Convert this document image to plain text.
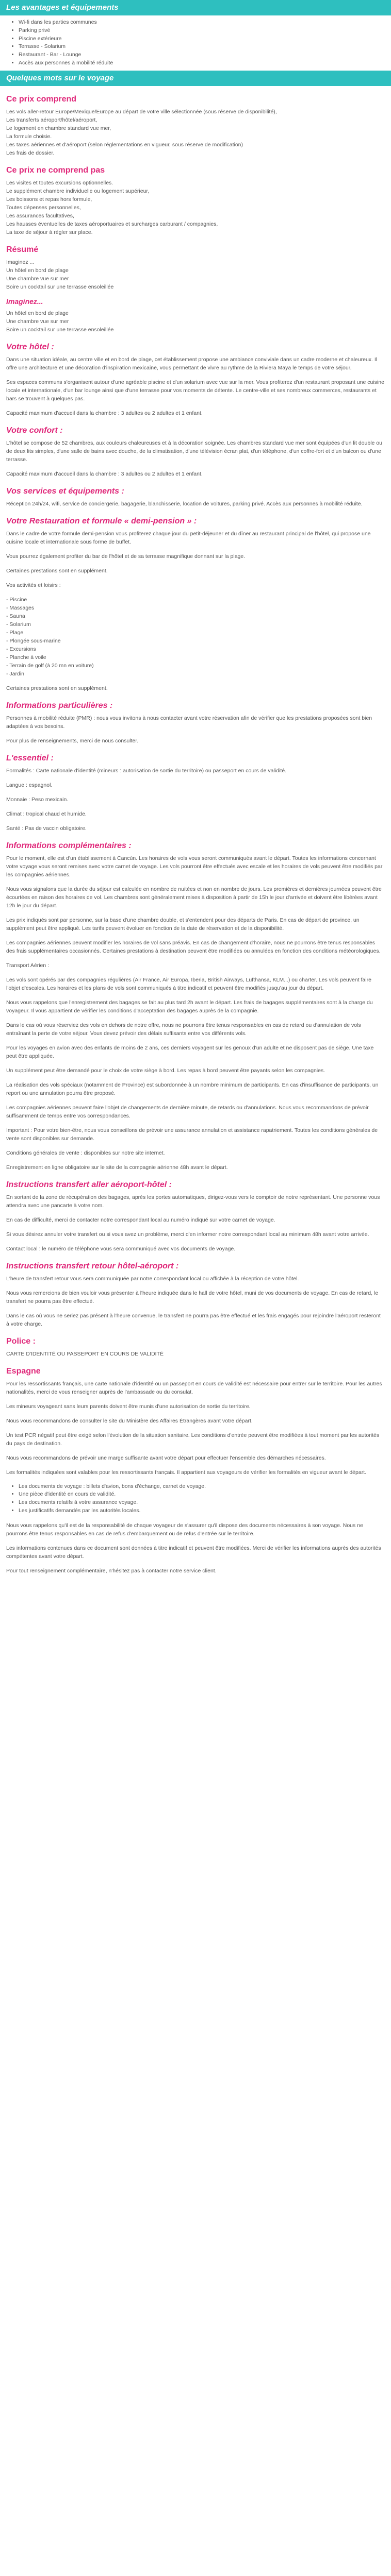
Les avantages et équipements
• Wi-fi dans les parties communes
• Parking privé
• Piscine extérieure
• Terrasse - Solarium
• Restaurant - Bar - Lounge
• Accès aux personnes à mobilité réduite
Quelques mots sur le voyage
Ce prix comprend

Les vols aller-retour Europe/Mexique/Europe au départ de votre ville sélectionnée (sous réserve de disponibilité),

Les transferts aéroport/hôtel/aéroport,

Le logement en chambre standard vue mer,

La formule choisie.

Les taxes aériennes et d'aéroport (selon réglementations en vigueur, sous réserve de modification)

Les frais de dossier.

Ce prix ne comprend pas

Les visites et toutes excursions optionnelles.

Le supplément chambre individuelle ou logement supérieur,

Les boissons et repas hors formule,

Toutes dépenses personnelles,

Les assurances facultatives,

Les hausses éventuelles de taxes aéroportuaires et surcharges carburant / compagnies,

La taxe de séjour à régler sur place.

Résumé

Imaginez ...

Un hôtel en bord de plage

Une chambre vue sur mer

Boire un cocktail sur une terrasse ensoleillée

Imaginez...

Un hôtel en bord de plage

Une chambre vue sur mer

Boire un cocktail sur une terrasse ensoleillée

Votre hôtel :

Dans une situation idéale, au centre ville et en bord de plage, cet établissement propose une ambiance conviviale dans un cadre moderne et chaleureux. Il offre une architecture et une décoration d'inspiration mexicaine, vous permettant de vivre au rythme de la Riviera Maya le temps de votre séjour.

Ses espaces communs s'organisent autour d'une agréable piscine et d'un solarium avec vue sur la mer. Vous profiterez d'un restaurant proposant une cuisine locale et internationale, d'un bar lounge ainsi que d'une terrasse pour vos moments de détente. Le centre-ville et ses nombreux commerces, restaurants et bars se trouvent à quelques pas.

Capacité maximum d'accueil dans la chambre : 3 adultes ou 2 adultes et 1 enfant.

Votre confort :

L'hôtel se compose de 52 chambres, aux couleurs chaleureuses et à la décoration soignée. Les chambres standard vue mer sont équipées d'un lit double ou de deux lits simples, d'une salle de bains avec douche, de la climatisation, d'une télévision écran plat, d'un téléphone, d'un coffre-fort et d'un balcon ou d'une terrasse.

Capacité maximum d'accueil dans la chambre : 3 adultes ou 2 adultes et 1 enfant.

Vos services et équipements :

Réception 24h/24, wifi, service de conciergerie, bagagerie, blanchisserie, location de voitures, parking privé. Accès aux personnes à mobilité réduite.

Votre Restauration et formule « demi-pension » :

Dans le cadre de votre formule demi-pension vous profiterez chaque jour du petit-déjeuner et du dîner au restaurant principal de l'hôtel, qui propose une cuisine locale et internationale sous forme de buffet.

Vous pourrez également profiter du bar de l'hôtel et de sa terrasse magnifique donnant sur la plage.

Certaines prestations sont en supplément.

Vos activités et loisirs :

- Piscine

- Massages

- Sauna

- Solarium

- Plage

- Plongée sous-marine

- Excursions

- Planche à voile

- Terrain de golf (à 20 mn en voiture)

- Jardin

Certaines prestations sont en supplément.

Informations particulières :

Personnes à mobilité réduite (PMR) : nous vous invitons à nous contacter avant votre réservation afin de vérifier que les prestations proposées sont bien adaptées à vos besoins.

Pour plus de renseignements, merci de nous consulter.

L'essentiel :

Formalités : Carte nationale d'identité (mineurs : autorisation de sortie du territoire) ou passeport en cours de validité.

Langue : espagnol.

Monnaie : Peso mexicain.

Climat : tropical chaud et humide.

Santé : Pas de vaccin obligatoire.

Informations complémentaires :

Pour le moment, elle est d'un établissement à Cancún. Les horaires de vols vous seront communiqués avant le départ. Toutes les informations concernant votre voyage vous seront remises avec votre carnet de voyage. Les vols pourront être effectués avec escale et les horaires de vols peuvent être modifiés par les compagnies aériennes.

Nous vous signalons que la durée du séjour est calculée en nombre de nuitées et non en nombre de jours. Les premières et dernières journées peuvent être écourtées en raison des horaires de vol. Les chambres sont généralement mises à disposition à partir de 15h le jour d'arrivée et doivent être libérées avant 12h le jour du départ.

Les prix indiqués sont par personne, sur la base d'une chambre double, et s'entendent pour des départs de Paris. En cas de départ de province, un supplément peut être appliqué. Les tarifs peuvent évoluer en fonction de la date de réservation et de la disponibilité.

Les compagnies aériennes peuvent modifier les horaires de vol sans préavis. En cas de changement d'horaire, nous ne pourrons être tenus responsables des frais supplémentaires occasionnés. Certaines prestations à destination peuvent être modifiées ou annulées en fonction des conditions météorologiques.

Transport Aérien :

Les vols sont opérés par des compagnies régulières (Air France, Air Europa, Iberia, British Airways, Lufthansa, KLM...) ou charter. Les vols peuvent faire l'objet d'escales. Les horaires et les plans de vols sont communiqués à titre indicatif et peuvent être modifiés jusqu'au jour du départ.

Nous vous rappelons que l'enregistrement des bagages se fait au plus tard 2h avant le départ. Les frais de bagages supplémentaires sont à la charge du voyageur. Il vous appartient de vérifier les conditions d'acceptation des bagages auprès de la compagnie.

Dans le cas où vous réserviez des vols en dehors de notre offre, nous ne pourrons être tenus responsables en cas de retard ou d'annulation de vols entraînant la perte de votre séjour. Vous devez prévoir des délais suffisants entre vos différents vols.

Pour les voyages en avion avec des enfants de moins de 2 ans, ces derniers voyagent sur les genoux d'un adulte et ne disposent pas de siège. Une taxe peut être appliquée.

Un supplément peut être demandé pour le choix de votre siège à bord. Les repas à bord peuvent être payants selon les compagnies.

La réalisation des vols spéciaux (notamment de Province) est subordonnée à un nombre minimum de participants. En cas d'insuffisance de participants, un report ou une annulation pourra être proposé.

Les compagnies aériennes peuvent faire l'objet de changements de dernière minute, de retards ou d'annulations. Nous vous recommandons de prévoir suffisamment de temps entre vos correspondances.

Important : Pour votre bien-être, nous vous conseillons de prévoir une assurance annulation et assistance rapatriement. Toutes les conditions générales de vente sont disponibles sur demande.

Conditions générales de vente : disponibles sur notre site internet.

Enregistrement en ligne obligatoire sur le site de la compagnie aérienne 48h avant le départ.

Instructions transfert aller aéroport-hôtel :

En sortant de la zone de récupération des bagages, après les portes automatiques, dirigez-vous vers le comptoir de notre représentant. Une personne vous attendra avec une pancarte à votre nom.

En cas de difficulté, merci de contacter notre correspondant local au numéro indiqué sur votre carnet de voyage.

Si vous désirez annuler votre transfert ou si vous avez un problème, merci d'en informer notre correspondant local au minimum 48h avant votre arrivée.

Contact local : le numéro de téléphone vous sera communiqué avec vos documents de voyage.

Instructions transfert retour hôtel-aéroport :

L'heure de transfert retour vous sera communiquée par notre correspondant local ou affichée à la réception de votre hôtel.

Nous vous remercions de bien vouloir vous présenter à l'heure indiquée dans le hall de votre hôtel, muni de vos documents de voyage. En cas de retard, le transfert ne pourra pas être effectué.

Dans le cas où vous ne seriez pas présent à l'heure convenue, le transfert ne pourra pas être effectué et les frais engagés pour rejoindre l'aéroport resteront à votre charge.

Police :

CARTE D'IDENTITÉ OU PASSEPORT EN COURS DE VALIDITÉ

Espagne

Pour les ressortissants français, une carte nationale d'identité ou un passeport en cours de validité est nécessaire pour entrer sur le territoire. Pour les autres nationalités, merci de vous renseigner auprès de l'ambassade ou du consulat.

Les mineurs voyageant sans leurs parents doivent être munis d'une autorisation de sortie du territoire.

Nous vous recommandons de consulter le site du Ministère des Affaires Étrangères avant votre départ.

Un test PCR négatif peut être exigé selon l'évolution de la situation sanitaire. Les conditions d'entrée peuvent être modifiées à tout moment par les autorités du pays de destination.

Nous vous recommandons de prévoir une marge suffisante avant votre départ pour effectuer l'ensemble des démarches nécessaires.

Les formalités indiquées sont valables pour les ressortissants français. Il appartient aux voyageurs de vérifier les formalités en vigueur avant le départ.

• Les documents de voyage : billets d'avion, bons d'échange, carnet de voyage.
• Une pièce d'identité en cours de validité.
• Les documents relatifs à votre assurance voyage.
• Les justificatifs demandés par les autorités locales.

Nous vous rappelons qu'il est de la responsabilité de chaque voyageur de s'assurer qu'il dispose des documents nécessaires à son voyage. Nous ne pourrons être tenus responsables en cas de refus d'embarquement ou de refus d'entrée sur le territoire.

Les informations contenues dans ce document sont données à titre indicatif et peuvent être modifiées. Merci de vérifier les informations auprès des autorités compétentes avant votre départ.

Pour tout renseignement complémentaire, n'hésitez pas à contacter notre service client.
